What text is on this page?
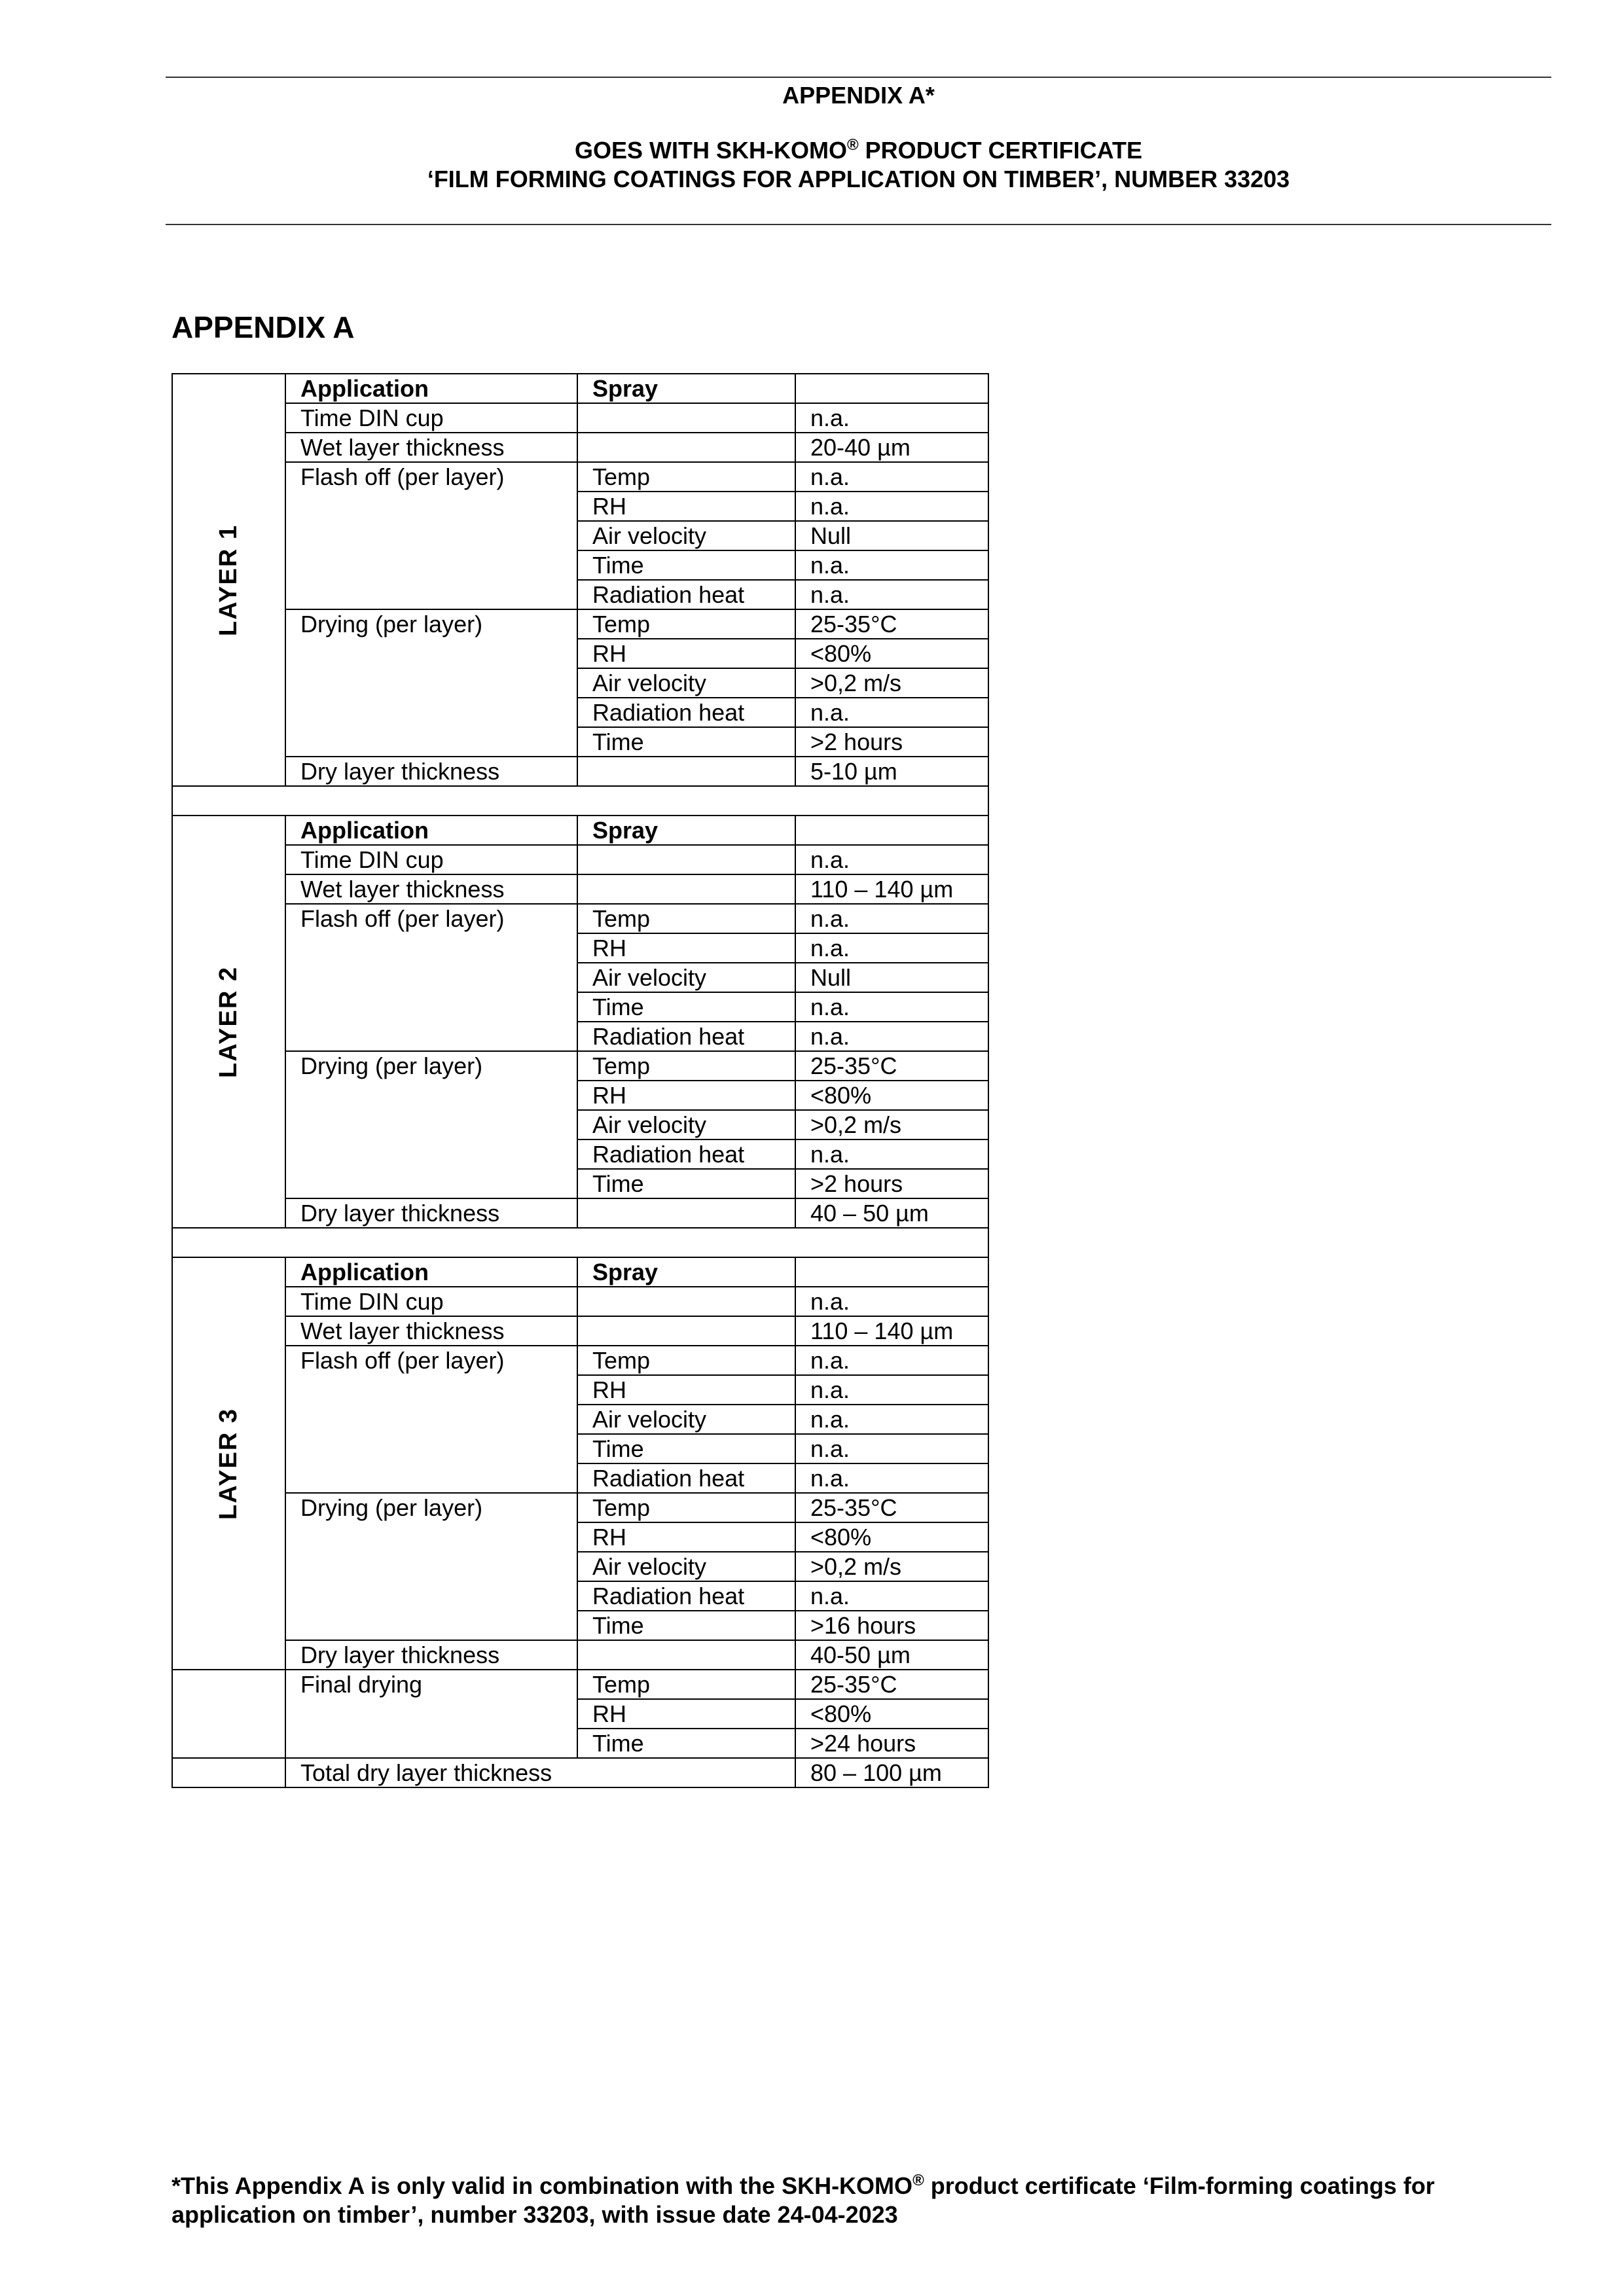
APPENDIX A*
GOES WITH SKH-KOMO® PRODUCT CERTIFICATE
‘FILM FORMING COATINGS FOR APPLICATION ON TIMBER’, NUMBER 33203
APPENDIX A
LAYER 1	Application	Spray	
	Time DIN cup		n.a.
	Wet layer thickness		20-40 µm
	Flash off (per layer)	Temp	n.a.
		RH	n.a.
		Air velocity	Null
		Time	n.a.
		Radiation heat	n.a.
	Drying (per layer)	Temp	25-35°C
		RH	<80%
		Air velocity	>0,2 m/s
		Radiation heat	n.a.
		Time	>2 hours
	Dry layer thickness		5-10 µm

LAYER 2	Application	Spray	
	Time DIN cup		n.a.
	Wet layer thickness		110 – 140 µm
	Flash off (per layer)	Temp	n.a.
		RH	n.a.
		Air velocity	Null
		Time	n.a.
		Radiation heat	n.a.
	Drying (per layer)	Temp	25-35°C
		RH	<80%
		Air velocity	>0,2 m/s
		Radiation heat	n.a.
		Time	>2 hours
	Dry layer thickness		40 – 50 µm

LAYER 3	Application	Spray	
	Time DIN cup		n.a.
	Wet layer thickness		110 – 140 µm
	Flash off (per layer)	Temp	n.a.
		RH	n.a.
		Air velocity	n.a.
		Time	n.a.
		Radiation heat	n.a.
	Drying (per layer)	Temp	25-35°C
		RH	<80%
		Air velocity	>0,2 m/s
		Radiation heat	n.a.
		Time	>16 hours
	Dry layer thickness		40-50 µm
	Final drying	Temp	25-35°C
		RH	<80%
		Time	>24 hours
	Total dry layer thickness		80 – 100 µm
*This Appendix A is only valid in combination with the SKH-KOMO® product certificate ‘Film-forming coatings for application on timber’, number 33203, with issue date 24-04-2023
